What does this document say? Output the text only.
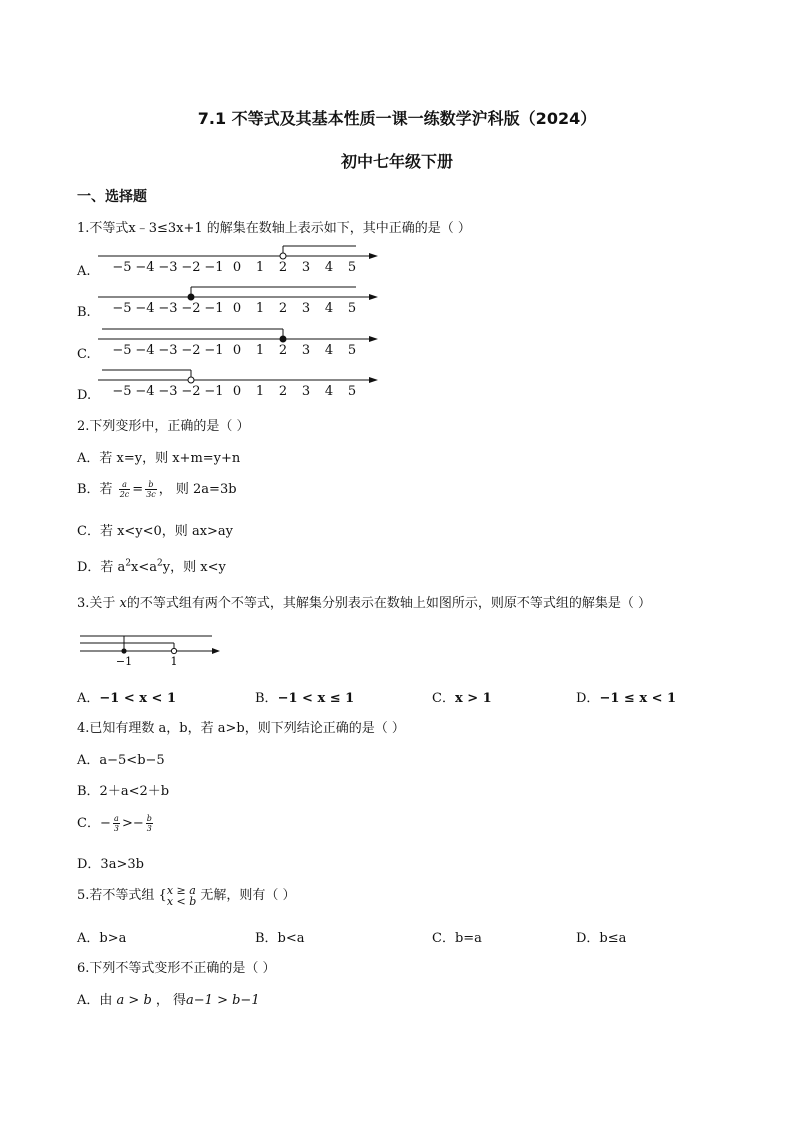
7.1 不等式及其基本性质一课一练数学沪科版（2024）
初中七年级下册
一、选择题
1.不等式x﹣3≤3x+1 的解集在数轴上表示如下，其中正确的是（ ）
A. −5 −4 −3 −2 −1 0 1 2 3 4 5
B. −5 −4 −3 −2 −1 0 1 2 3 4 5
C. −5 −4 −3 −2 −1 0 1 2 3 4 5
D. −5 −4 −3 −2 −1 0 1 2 3 4 5
2.下列变形中，正确的是（ ）
A．若 x=y，则 x+m=y+n
B．若 $\frac{a}{2c} = \frac{b}{3c}$ ， 则 2a=3b
C．若 x<y<0，则 ax>ay
D．若 $a^2x<a^2y$，则 x<y
3.关于 x的不等式组有两个不等式，其解集分别表示在数轴上如图所示，则原不等式组的解集是（ ）
−1	1
A．−1 < x < 1	B．−1 < x ≤ 1	C．x > 1	D．−1 ≤ x < 1
4.已知有理数 a，b，若 a>b，则下列结论正确的是（ ）
A．a−5<b−5
B．2＋a<2＋b
C．− $\frac{a}{3} >- \frac{b}{3}$
D．3a>3b
5.若不等式组 { x ≥ a
x < b 无解，则有（ ）
A．b>a	B．b<a	C．b=a	D．b≤a
6.下列不等式变形不正确的是（ ）
A．由 a > b ， 得a−1 > b−1
